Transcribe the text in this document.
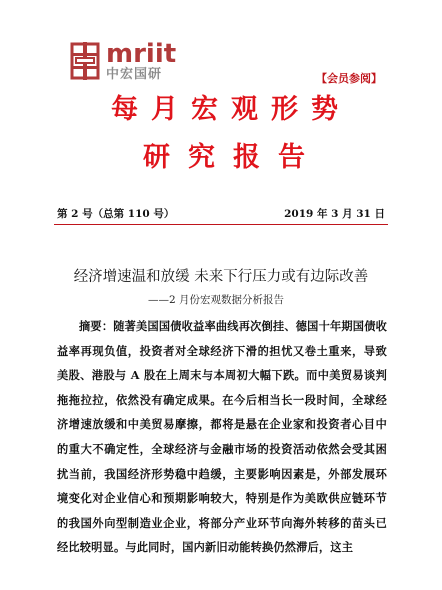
mriit
中宏国研	【会员参阅】
每月宏观形势
研究报告
第 2 号（总第 110 号）	2019 年 3 月 31 日
经济增速温和放缓 未来下行压力或有边际改善
——2 月份宏观数据分析报告
摘要：随著美国国债收益率曲线再次倒挂、德国十年期国债收益率再现负值，投资者对全球经济下滑的担忧又卷土重来，导致美股、港股与 A 股在上周末与本周初大幅下跌。而中美贸易谈判拖拖拉拉，依然没有确定成果。在今后相当长一段时间，全球经济增速放缓和中美贸易摩擦，都将是悬在企业家和投资者心目中的重大不确定性，全球经济与金融市场的投资活动依然会受其困扰当前，我国经济形势稳中趋缓，主要影响因素是，外部发展环境变化对企业信心和预期影响较大，特别是作为美欧供应链环节的我国外向型制造业企业，将部分产业环节向海外转移的苗头已经比较明显。与此同时，国内新旧动能转换仍然滞后，这主
